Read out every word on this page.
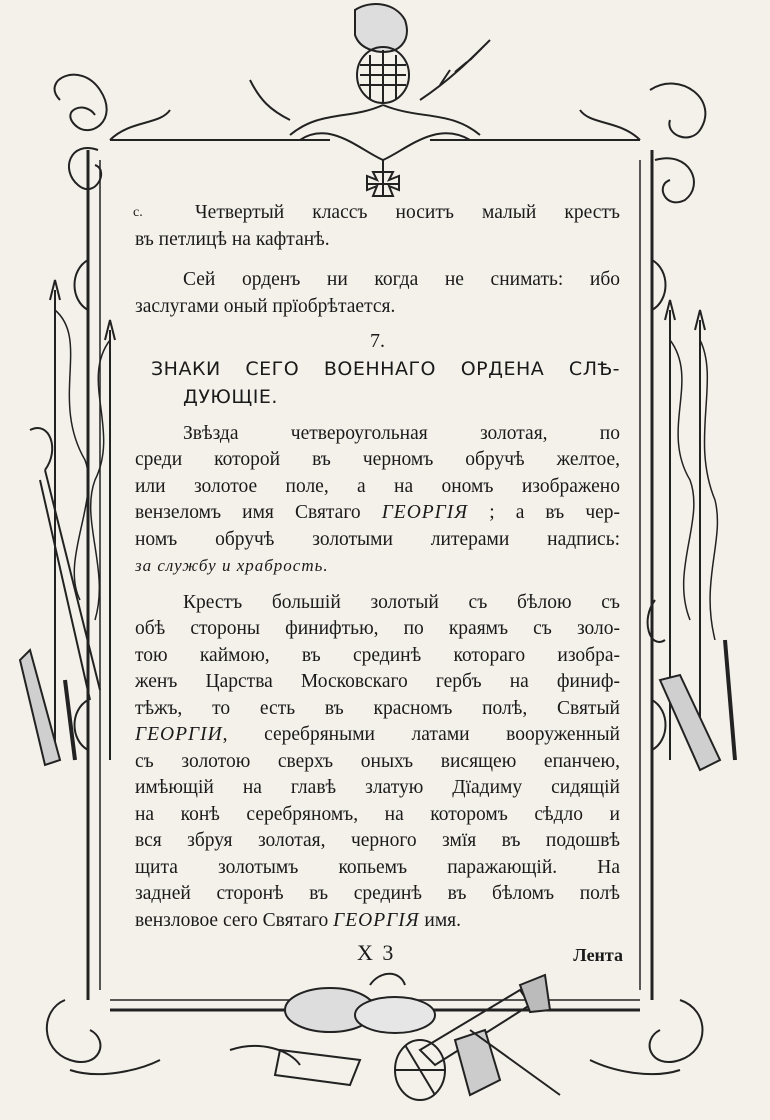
с.	Четвертый классъ носитъ малый крестъ
въ петлицѣ на кафтанѣ.
Сей орденъ ни когда не снимать: ибо
заслугами оный прїобрѣтается.
7.
ЗНАКИ СЕГО ВОЕННАГО ОРДЕНА СЛѢ-
ДУЮЩІЕ.
Звѣзда четвероугольная золотая, по
среди которой въ черномъ обручѣ желтое,
или золотое поле, а на ономъ изображено
вензеломъ имя Святаго ГЕОРГІЯ ; а въ чер-
номъ обручѣ золотыми литерами надпись:
за службу и храбрость.
Крестъ большій золотый съ бѣлою съ
обѣ стороны финифтью, по краямъ съ золо-
тою каймою, въ срединѣ котораго изобра-
женъ Царства Московскаго гербъ на финиф-
тѣжъ, то есть въ красномъ полѣ, Святый
ГЕОРГІИ, серебряными латами вооруженный
съ золотою сверхъ оныхъ висящею епанчею,
имѣющій на главѣ златую Дїадиму сидящій
на конѣ серебряномъ, на которомъ сѣдло и
вся збруя золотая, черного змїя въ подошвѣ
щита золотымъ копьемъ паражающій. На
задней сторонѣ въ срединѣ въ бѣломъ полѣ
вензловое сего Святаго ГЕОРГІЯ имя.
Х 3	Лента
